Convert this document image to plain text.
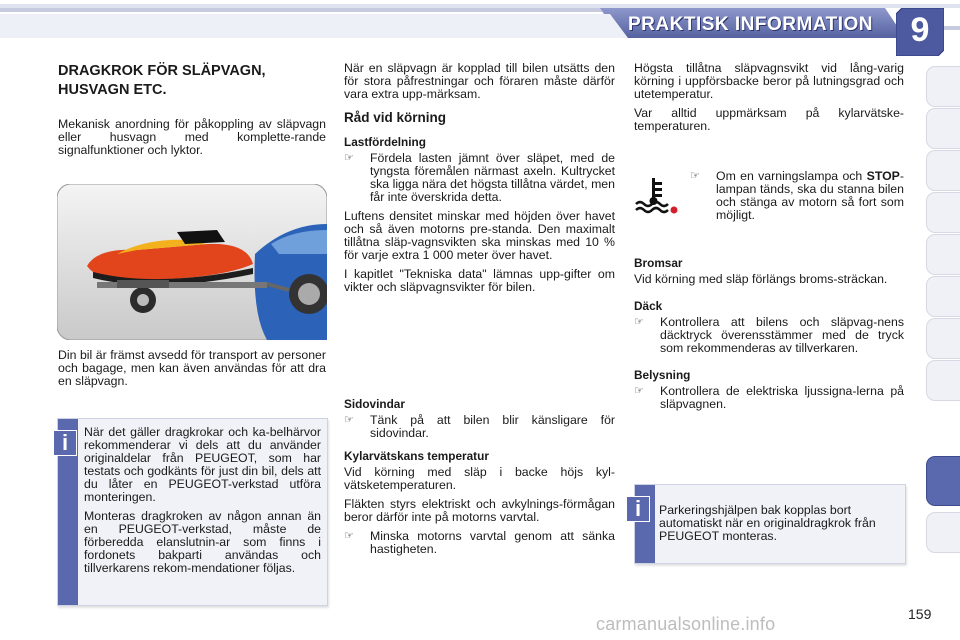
PRAKTISK INFORMATION	9
DRAGKROK FÖR SLÄPVAGN, HUSVAGN ETC.

Mekanisk anordning för påkoppling av släpvagn eller husvagn med komplette-rande signalfunktioner och lyktor.

Din bil är främst avsedd för transport av personer och bagage, men kan även användas för att dra en släpvagn.

När det gäller dragkrokar och ka-belhärvor rekommenderar vi dels att du använder originaldelar från PEUGEOT, som har testats och godkänts för just din bil, dels att du låter en PEUGEOT-verkstad utföra monteringen.

Monteras dragkroken av någon annan än en PEUGEOT-verkstad, måste de förberedda elanslutnin-ar som finns i fordonets bakparti användas och tillverkarens rekom-mendationer följas.

i

När en släpvagn är kopplad till bilen utsätts den för stora påfrestningar och föraren måste därför vara extra upp-märksam.

Råd vid körning
Lastfördelning
☞	Fördela lasten jämnt över släpet, med de tyngsta föremålen närmast axeln. Kultrycket ska ligga nära det högsta tillåtna värdet, men får inte överskrida detta.

Luftens densitet minskar med höjden över havet och så även motorns pre-standa. Den maximalt tillåtna släp-vagnsvikten ska minskas med 10 % för varje extra 1 000 meter över havet.

I kapitlet "Tekniska data" lämnas upp-gifter om vikter och släpvagnsvikter för bilen.

Sidovindar
☞	Tänk på att bilen blir känsligare för sidovindar.
Kylarvätskans temperatur

Vid körning med släp i backe höjs kyl-vätsketemperaturen.

Fläkten styrs elektriskt och avkylnings-förmågan beror därför inte på motorns varvtal.

☞	Minska motorns varvtal genom att sänka hastigheten.

Högsta tillåtna släpvagnsvikt vid lång-varig körning i uppförsbacke beror på lutningsgrad och utetemperatur.

Var alltid uppmärksam på kylarvätske-temperaturen.

☞	Om en varningslampa och STOP-lampan tänds, ska du stanna bilen och stänga av motorn så fort som möjligt.
Bromsar

Vid körning med släp förlängs broms-sträckan.

Däck
☞	Kontrollera att bilens och släpvag-nens däcktryck överensstämmer med de tryck som rekommenderas av tillverkaren.
Belysning
☞	Kontrollera de elektriska ljussigna-lerna på släpvagnen.

Parkeringshjälpen bak kopplas bort automatiskt när en originaldragkrok från PEUGEOT monteras.

i
carmanualsonline.info	159
